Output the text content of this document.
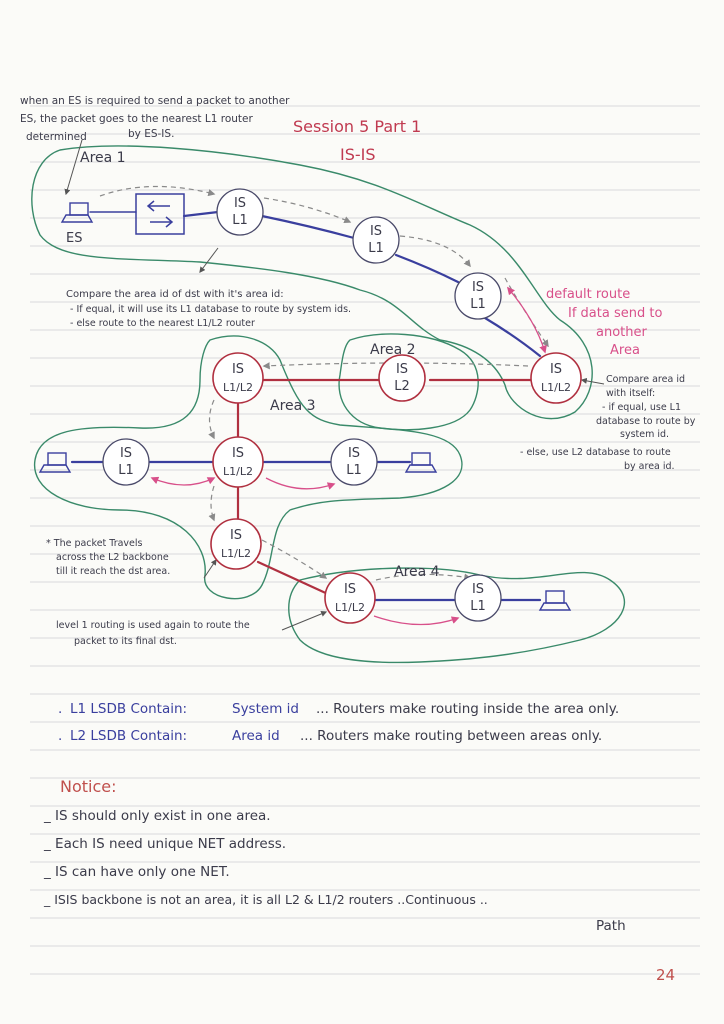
IS
L1
IS
L1
IS
L1
IS
L1/L2
IS
L2
IS
L1/L2
IS
L1
IS
L1/L2
IS
L1
IS
L1/L2
IS
L1/L2
IS
L1
Area 1
Area 2
Area 3
Area 4
ES
when an ES is required to send a packet to another
ES, the packet goes to the nearest L1 router
determined	by ES-IS.	Session 5 Part 1
IS-IS
Compare the area id of dst with it's area id:
- If equal, it will use its L1 database to route by system ids.
- else route to the nearest L1/L2 router
default route
If data send to
another
Area
Compare area id
with itself:
- if equal, use L1
database to route by
system id.
- else, use L2 database to route
by area id.
* The packet Travels
across the L2 backbone
till it reach the dst area.
level 1 routing is used again to route the
packet to its final dst.
. L1 LSDB Contain:	System id ... Routers make routing inside the area only.
. L2 LSDB Contain:	Area id ... Routers make routing between areas only.
Notice:
_ IS should only exist in one area.
_ Each IS need unique NET address.
_ IS can have only one NET.
_ ISIS backbone is not an area, it is all L2 & L1/2 routers ..Continuous ..
Path
24
